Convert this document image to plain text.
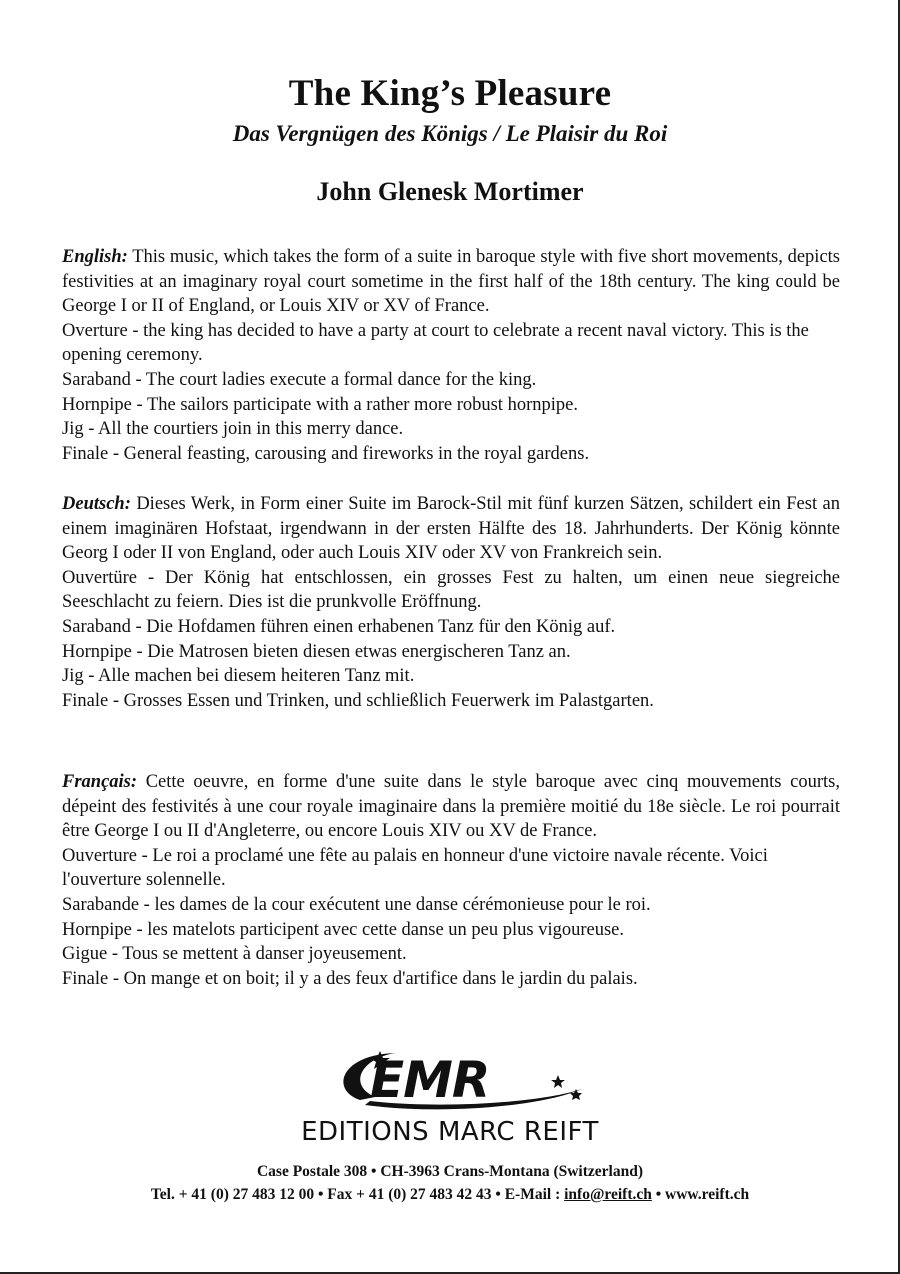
The King’s Pleasure
Das Vergnügen des Königs / Le Plaisir du Roi
John Glenesk Mortimer

English: This music, which takes the form of a suite in baroque style with five short movements, depicts festivities at an imaginary royal court sometime in the first half of the 18th century. The king could be George I or II of England, or Louis XIV or XV of France.

Overture - the king has decided to have a party at court to celebrate a recent naval victory. This is the opening ceremony.

Saraband - The court ladies execute a formal dance for the king.

Hornpipe - The sailors participate with a rather more robust hornpipe.

Jig - All the courtiers join in this merry dance.

Finale - General feasting, carousing and fireworks in the royal gardens.

Deutsch: Dieses Werk, in Form einer Suite im Barock-Stil mit fünf kurzen Sätzen, schildert ein Fest an einem imaginären Hofstaat, irgendwann in der ersten Hälfte des 18. Jahrhunderts. Der König könnte Georg I oder II von England, oder auch Louis XIV oder XV von Frankreich sein.

Ouvertüre - Der König hat entschlossen, ein grosses Fest zu halten, um einen neue siegreiche Seeschlacht zu feiern. Dies ist die prunkvolle Eröffnung.

Saraband - Die Hofdamen führen einen erhabenen Tanz für den König auf.

Hornpipe - Die Matrosen bieten diesen etwas energischeren Tanz an.

Jig - Alle machen bei diesem heiteren Tanz mit.

Finale - Grosses Essen und Trinken, und schließlich Feuerwerk im Palastgarten.

Français: Cette oeuvre, en forme d'une suite dans le style baroque avec cinq mouvements courts, dépeint des festivités à une cour royale imaginaire dans la première moitié du 18e siècle. Le roi pourrait être George I ou II d'Angleterre, ou encore Louis XIV ou XV de France.

Ouverture - Le roi a proclamé une fête au palais en honneur d'une victoire navale récente. Voici l'ouverture solennelle.

Sarabande - les dames de la cour exécutent une danse cérémonieuse pour le roi.

Hornpipe - les matelots participent avec cette danse un peu plus vigoureuse.

Gigue - Tous se mettent à danser joyeusement.

Finale - On mange et on boit; il y a des feux d'artifice dans le jardin du palais.

EMR
EDITIONS MARC REIFT
Case Postale 308 • CH-3963 Crans-Montana (Switzerland)
Tel. + 41 (0) 27 483 12 00 • Fax + 41 (0) 27 483 42 43 • E-Mail : info@reift.ch • www.reift.ch
